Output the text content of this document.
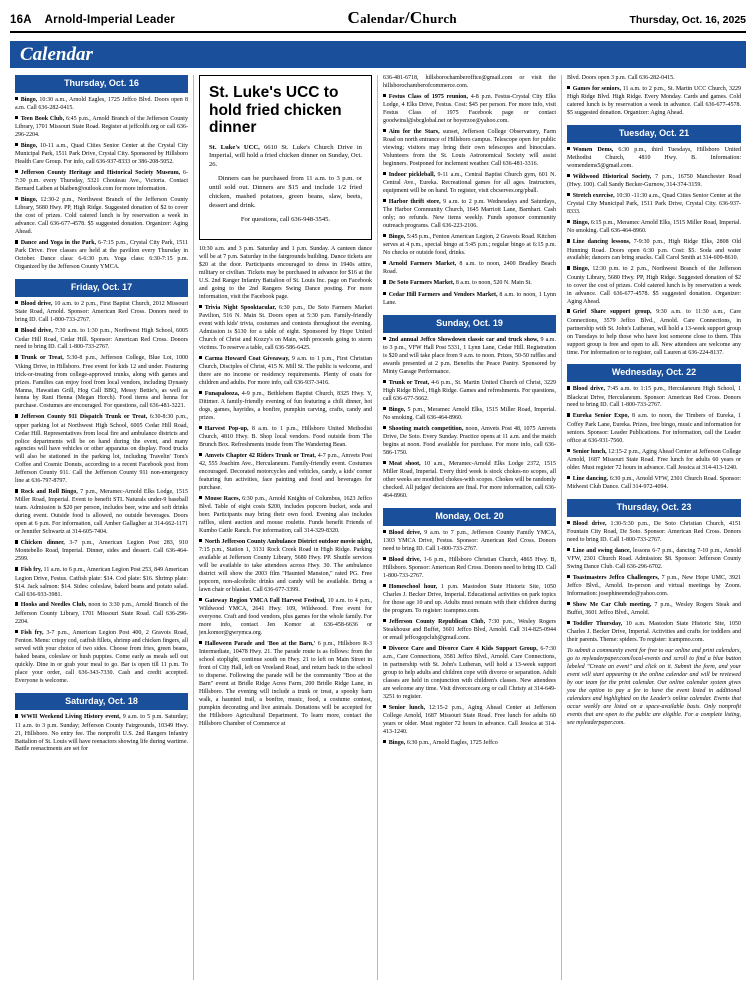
16A Arnold-Imperial Leader	Calendar/Church	Thursday, Oct. 16, 2025
Calendar
Thursday, Oct. 16

Bingo, 10:30 a.m., Arnold Eagles, 1725 Jeffco Blvd. Doors open 8 a.m. Call 636-282-0415.

Teen Book Club, 6:45 p.m., Arnold Branch of the Jefferson County Library, 1701 Missouri State Road. Register at jeffcolib.org or call 636-296-2204.

Bingo, 10-11 a.m., Quad Cities Senior Center at the Crystal City Municipal Park, 1511 Park Drive, Crystal City. Sponsored by Hillsboro Health Care Group. For info, call 636-937-8333 or 386-208-5052.

Jefferson County Heritage and Historical Society Museum, 6-7:30 p.m. every Thursday, 5321 Chouteau Ave., Victoria. Contact Bernard Laiben at blaiben@outlook.com for more information.

Bingo, 12:30-2 p.m., Northwest Branch of the Jefferson County Library, 5680 Hwy. PP, High Ridge. Suggested donation of $2 to cover the cost of prizes. Cold catered lunch is by reservation a week in advance. Call 636-677-4578. $5 suggested donation. Organizer: Aging Ahead.

Dance and Yoga in the Park, 6-7:15 p.m., Crystal City Park, 1511 Park Drive. Free classes are held at the pavilion every Thursday in October. Dance class: 6-6:30 p.m. Yoga class: 6:30-7:15 p.m. Organized by the Jefferson County YMCA.

Friday, Oct. 17

Blood drive, 10 a.m. to 2 p.m., First Baptist Church, 2012 Missouri State Road, Arnold. Sponsor: American Red Cross. Donors need to bring ID. Call 1-800-733-2767.

Blood drive, 7:30 a.m. to 1:30 p.m., Northwest High School, 6005 Cedar Hill Road, Cedar Hill. Sponsor: American Red Cross. Donors need to bring ID. Call 1-800-733-2767.

Trunk or Treat, 5:30-8 p.m., Jefferson College, Blue Lot, 1000 Viking Drive, in Hillsboro. Free event for kids 12 and under. Featuring trick-or-treating from college-approved trunks, along with games and prizes. Families can enjoy food from local vendors, including Dynasty Manna, Hawaiian Grill, Hog Call BBQ, Messy Bettie's, as well as henna by Rani Henna (Megan Horch). Food items and henna for purchase. Costumes are encouraged. For questions, call 636-481-3221.

Jefferson County 911 Dispatch Trunk or Treat, 6:30-8:30 p.m., upper parking lot at Northwest High School, 6005 Cedar Hill Road, Cedar Hill. Representatives from local fire and ambulance districts and police departments will be on hand during the event, and many agencies will have vehicles or other apparatus on display. Food trucks will also be stationed in the parking lot, including Travelin' Tom's Coffee and Cosmic Donuts, according to a recent Facebook post from Jefferson County 911. Call the Jefferson County 911 non-emergency line at 636-797-8797.

Rock and Roll Bingo, 7 p.m., Meramec-Arnold Elks Lodge, 1515 Miller Road, Imperial. Event to benefit STL Naturals under-9 baseball team. Admission is $20 per person, includes beer, wine and soft drinks during event. Outside food is allowed, no outside beverages. Doors open at 6 p.m. For information, call Amber Gallagher at 314-662-1171 or Jennifer Schwartz at 314-605-7404.

Chicken dinner, 3-7 p.m., American Legion Post 283, 910 Montebello Road, Imperial. Dinner, sides and dessert. Call 636-464-2599.

Fish fry, 11 a.m. to 6 p.m., American Legion Post 253, 849 American Legion Drive, Festus. Catfish plate: $14. Cod plate: $16. Shrimp plate: $14. Jack salmon: $14. Sides: coleslaw, baked beans and potato salad. Call 636-933-3981.

Hooks and Needles Club, noon to 3:30 p.m., Arnold Branch of the Jefferson County Library, 1701 Missouri State Road. Call 636-296-2204.

Fish fry, 3-7 p.m., American Legion Post 400, 2 Gravois Road, Fenton. Menu: crispy cod, catfish fillets, shrimp and chicken fingers, all served with your choice of two sides. Choose from fries, green beans, baked beans, coleslaw or hush puppies. Come early as meals sell out quickly. Dine in or grab your meal to go. Bar is open till 11 p.m. To place your order, call 636-343-7330. Cash and credit accepted. Everyone is welcome.

Saturday, Oct. 18

WWII Weekend Living History event, 9 a.m. to 5 p.m. Saturday; 11 a.m. to 3 p.m. Sunday; Jefferson County Fairgrounds, 10349 Hwy. 21, Hillsboro. No entry fee. The nonprofit U.S. 2nd Rangers Infantry Battalion of St. Louis will have reenactors showing life during wartime. Battle reenactments are set for

St. Luke's UCC to hold fried chicken dinner

St. Luke's UCC, 6610 St. Luke's Church Drive in Imperial, will hold a fried chicken dinner on Sunday, Oct. 26.

Dinners can be purchased from 11 a.m. to 3 p.m. or until sold out. Dinners are $15 and include 1/2 fried chicken, mashed potatoes, green beans, slaw, beets, dessert and drink.

For questions, call 636-948-3545.

10:30 a.m. and 3 p.m. Saturday and 1 p.m. Sunday. A canteen dance will be at 7 p.m. Saturday in the fairgrounds building. Dance tickets are $20 at the door. Participants encouraged to dress in 1940s attire, military or civilian. Tickets may be purchased in advance for $16 at the U.S. 2nd Ranger Infantry Battalion of St. Louis Inc. page on Facebook and going to the 2nd Rangers Swing Dance posting. For more information, visit the Facebook page.

Trivia Night Spooktacular, 6:30 p.m., De Soto Farmers Market Pavilion, 516 N. Main St. Doors open at 5:30 p.m. Family-friendly event with kids' trivia, costumes and contests throughout the evening. Admission is $130 for a table of eight. Sponsored by Hope United Church of Christ and Kozzy's on Main, with proceeds going to storm victims. To reserve a table, call 636-586-6425.

Carma Howard Coat Giveaway, 9 a.m. to 1 p.m., First Christian Church, Disciples of Christ, 415 N. Mill St. The public is welcome, and there are no income or residency requirements. Plenty of coats for children and adults. For more info, call 636-937-3416.

Funapalooza, 4-9 p.m., Bethlehem Baptist Church, 8325 Hwy. Y, Dittmer. A family-friendly evening of fun featuring a chili dinner, hot dogs, games, hayrides, a bonfire, pumpkin carving, crafts, candy and prizes.

Harvest Pop-up, 8 a.m. to 1 p.m., Hillsboro United Methodist Church, 4810 Hwy. B. Shop local vendors. Food outside from The Brunch Box. Refreshments inside from The Wandering Bean.

Amvets Chapter 42 Riders Trunk or Treat, 4-7 p.m., Amvets Post 42, 555 Joachim Ave., Herculaneum. Family-friendly event. Costumes encouraged. Decorated motorcycles and vehicles, candy, a kids' corner featuring fun activities, face painting and food and beverages for purchase.

Mouse Races, 6:30 p.m., Arnold Knights of Columbus, 1623 Jeffco Blvd. Table of eight costs $200, includes popcorn bucket, soda and beer. Participants may bring their own food. Evening also includes raffles, silent auction and mouse roulette. Funds benefit Friends of Kumbo Cattle Ranch. For information, call 314-329-8320.

North Jefferson County Ambulance District outdoor movie night, 7:15 p.m., Station 1, 3131 Rock Creek Road in High Ridge. Parking available at Jefferson County Library, 5680 Hwy. PP. Shuttle services will be available to take attendees across Hwy. 30. The ambulance district will show the 2003 film "Haunted Mansion," rated PG. Free popcorn, non-alcoholic drinks and candy will be available. Bring a lawn chair or blanket. Call 636-677-3399.

Gateway Region YMCA Fall Harvest Festival, 10 a.m. to 4 p.m., Wildwood YMCA, 2641 Hwy. 109, Wildwood. Free event for everyone. Craft and food vendors, plus games for the whole family. For more info, contact Jen Komor at 636-458-6636 or jen.komor@gwrymca.org.

Halloween Parade and 'Boo at the Barn,' 6 p.m., Hillsboro R-3 Intermediate, 10478 Hwy. 21. The parade route is as follows: from the school stoplight, continue south on Hwy. 21 to left on Main Street in front of City Hall, left on Vreeland Road, and return back to the school to disperse. Following the parade will be the community "Boo at the Barn" event at Bridle Ridge Acres Farm, 200 Bridle Ridge Lane, in Hillsboro. The evening will include a trunk or treat, a spooky barn walk, a haunted trail, a bonfire, music, food, a costume contest, pumpkin decorating and live animals. Donations will be accepted for the Hillsboro Agricultural Department. To learn more, contact the Hillsboro Chamber of Commerce at

636-481-6718, hillsborochamberoffice@gmail.com or visit the hillsborochamberofcommerce.com.

Festus Class of 1975 reunion, 4-8 p.m. Festus-Crystal City Elks Lodge, 4 Elks Drive, Festus. Cost: $45 per person. For more info, visit Festus Class of 1975 Facebook page or contact goodwinsl@sbcglobal.net or boyerzoe@yahoo.com.

Aim for the Stars, sunset, Jefferson College Observatory, Farm Road on north entrance of Hillsboro campus. Telescope open for public viewing; visitors may bring their own telescopes and binoculars. Volunteers from the St. Louis Astronomical Society will assist beginners. Postponed for inclement weather. Call 636-481-3316.

Indoor pickleball, 9-11 a.m., Central Baptist Church gym, 601 N. Central Ave., Eureka. Recreational games for all ages. Instructors, equipment will be on hand. To register, visit cbcserves.org/pball.

Harbor thrift store, 9 a.m. to 2 p.m. Wednesdays and Saturdays, The Harbor Community Church, 1645 Marriott Lane, Barnhart. Cash only; no refunds. New items weekly. Funds sponsor community outreach programs. Call 636-223-2106.

Bingo, 5:45 p.m., Fenton American Legion, 2 Gravois Road. Kitchen serves at 4 p.m., special bingo at 5:45 p.m.; regular bingo at 6:15 p.m. No checks or outside food, drinks.

Arnold Farmers Market, 8 a.m. to noon, 2400 Bradley Beach Road.

De Soto Farmers Market, 8 a.m. to noon, 520 N. Main St.

Cedar Hill Farmers and Vendors Market, 8 a.m. to noon, 1 Lynn Lane.

Sunday, Oct. 19

2nd annual Jeffco Showdown classic car and truck show, 9 a.m. to 3 p.m., VFW Hall Post 5331, 1 Lynn Lane, Cedar Hill. Registration is $20 and will take place from 9 a.m. to noon. Prizes, 50-50 raffles and awards presented at 2 p.m. Benefits the Peace Pantry. Sponsored by Minty Garage Performance.

Trunk or Treat, 4-6 p.m., St. Martin United Church of Christ, 3229 High Ridge Blvd., High Ridge. Games and refreshments. For questions, call 636-677-5662.

Bingo, 5 p.m., Meramec Arnold Elks, 1515 Miller Road, Imperial. No smoking. Call 636-464-8960.

Shooting match competition, noon, Amvets Post 48, 1075 Amvets Drive, De Soto. Every Sunday. Practice opens at 11 a.m. and the match begins at noon. Food available for purchase. For more info, call 636-586-1750.

Meat shoot, 10 a.m., Meramec-Arnold Elks Lodge 2372, 1515 Miller Road, Imperial. Every third week is stock chokes-no scopes, all other weeks are modified chokes-with scopes. Chokes will be randomly checked. All judges' decisions are final. For more information, call 636-464-8960.

Monday, Oct. 20

Blood drive, 9 a.m. to 7 p.m., Jefferson County Family YMCA, 1303 YMCA Drive, Festus. Sponsor: American Red Cross. Donors need to bring ID. Call 1-800-733-2767.

Blood drive, 1-6 p.m., Hillsboro Christian Church, 4865 Hwy. B, Hillsboro. Sponsor: American Red Cross. Donors need to bring ID. Call 1-800-733-2767.

Homeschool hour, 1 p.m. Mastodon State Historic Site, 1050 Charles J. Becker Drive, Imperial. Educational activities on park topics for those age 10 and up. Adults must remain with their children during the program. To register: icampmo.com.

Jefferson County Republican Club, 7:30 p.m., Wesley Rogers Steakhouse and Buffet, 3601 Jeffco Blvd, Arnold. Call 314-825-0944 or email jeffcogopclub@gmail.com.

Divorce Care and Divorce Care 4 Kids Support Group, 6-7:30 a.m., Care Connections, 3581 Jeffco Blvd., Arnold. Care Connections, in partnership with St. John's Lutheran, will hold a 13-week support group to help adults and children cope with divorce or separation. Adult classes are held in conjunction with children's classes. New attendees are welcome any time. Visit divorcecare.org or call Christy at 314-649-3251 to register.

Senior lunch, 12:15-2 p.m., Aging Ahead Center at Jefferson College Arnold, 1687 Missouri State Road. Free lunch for adults 60 years or older. Must register 72 hours in advance. Call Jessica at 314-413-1240.

Bingo, 6:30 p.m., Arnold Eagles, 1725 Jeffco

Blvd. Doors open 3 p.m. Call 636-282-0415.

Games for seniors, 11 a.m. to 2 p.m., St. Martin UCC Church, 3229 High Ridge Blvd. High Ridge. Every Monday. Cards and games. Cold catered lunch is by reservation a week in advance. Call 636-677-4578. $5 suggested donation. Organizer: Aging Ahead.

Tuesday, Oct. 21

Women Dems, 6:30 p.m., third Tuesdays, Hillsboro United Methodist Church, 4810 Hwy. B. Information: womendems5@gmail.com.

Wildwood Historical Society, 7 p.m., 16750 Manchester Road (Hwy. 100). Call Sandy Becker-Gurnow, 314-374-3159.

Stretch exercise, 10:30 -11:30 a.m., Quad Cities Senior Center at the Crystal City Municipal Park, 1511 Park Drive, Crystal City. 636-937-8333.

Bingo, 6:15 p.m., Meramec Arnold Elks, 1515 Miller Road, Imperial. No smoking. Call 636-464-8960.

Line dancing lessons, 7-9:30 p.m., High Ridge Elks, 2808 Old Hunning Road. Doors open 6:30 p.m. Cost: $5. Soda and water available; dancers can bring snacks. Call Carol Smith at 314-609-8610.

Bingo, 12:30 p.m. to 2 p.m., Northwest Branch of the Jefferson County Library, 5680 Hwy. PP, High Ridge. Suggested donation of $2 to cover the cost of prizes. Cold catered lunch is by reservation a week in advance. Call 636-677-4578. $5 suggested donation. Organizer: Aging Ahead.

Grief Share support group, 9:30 a.m. to 11:30 a.m., Care Connections, 3579 Jeffco Blvd., Arnold. Care Connections, in partnership with St. John's Lutheran, will hold a 13-week support group on Tuesdays to help those who have lost someone close to them. This support group is free and open to all. New attendees are welcome any time. For information or to register, call Lauren at 636-224-8137.

Wednesday, Oct. 22

Blood drive, 7:45 a.m. to 1:15 p.m., Herculaneum High School, 1 Blackcat Drive, Herculaneum. Sponsor: American Red Cross. Donors need to bring ID. Call 1-800-733-2767.

Eureka Senior Expo, 8 a.m. to noon, the Timbers of Eureka, 1 Coffey Park Lane, Eureka. Prizes, free bingo, music and information for seniors. Sponsor: Leader Publications. For information, call the Leader office at 636-931-7560.

Senior lunch, 12:15-2 p.m., Aging Ahead Center at Jefferson College Arnold, 1687 Missouri State Road. Free lunch for adults 60 years or older. Must register 72 hours in advance. Call Jessica at 314-413-1240.

Line dancing, 6:30 p.m., Arnold VFW, 2301 Church Road. Sponsor: Midwest Club Dance. Call 314-972-4094.

Thursday, Oct. 23

Blood drive, 1:30-5:30 p.m., De Soto Christian Church, 4151 Fountain City Road, De Soto. Sponsor: American Red Cross. Donors need to bring ID. Call 1-800-733-2767.

Line and swing dance, lessons 6-7 p.m., dancing 7-10 p.m., Arnold VFW, 2301 Church Road. Admission: $8. Sponsor: Jefferson County Swing Dance Club. Call 636-296-6702.

Toastmasters Jeffco Challengers, 7 p.m., New Hope UMC, 3921 Jeffco Blvd., Arnold. In-person and virtual meetings by Zoom. Information: josephineemde@yahoo.com.

Show Me Car Club meeting, 7 p.m., Wesley Rogers Steak and Buffet, 3601 Jeffco Blvd., Arnold.

Toddler Thursday, 10 a.m. Mastodon State Historic Site, 1050 Charles J. Becker Drive, Imperial. Activities and crafts for toddlers and their parents. Theme: spiders. To register: icampmo.com.

To submit a community event for free to our online and print calendars, go to myleaderpaper.com/local-events and scroll to find a blue button labeled "Create an event" and click on it. Submit the form, and your event will start appearing in the online calendar and will be reviewed by our team for the print calendar. Our online calendar system gives you the option to pay a fee to have the event listed in additional calendars and highlighted on the Leader's online calendar. Events that occur weekly are listed on a space-available basis. Only nonprofit events that are open to the public are eligible. For a complete listing, see myleaderpaper.com.
